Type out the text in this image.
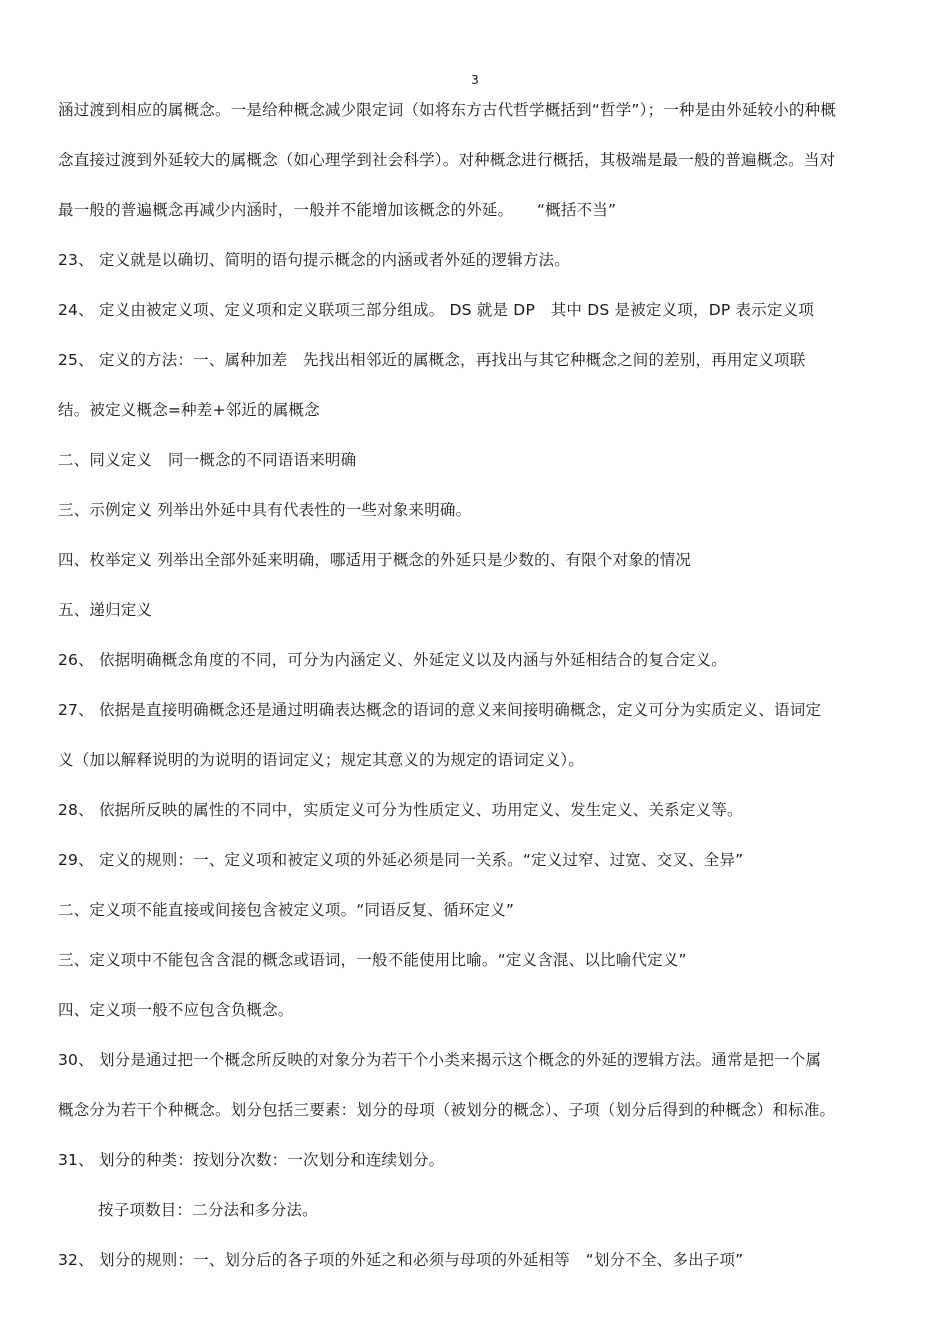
3
涵过渡到相应的属概念。一是给种概念减少限定词（如将东方古代哲学概括到“哲学”）；一种是由外延较小的种概
念直接过渡到外延较大的属概念（如心理学到社会科学）。对种概念进行概括，其极端是最一般的普遍概念。当对
最一般的普遍概念再减少内涵时，一般并不能增加该概念的外延。　　“概括不当”
23、 定义就是以确切、简明的语句提示概念的内涵或者外延的逻辑方法。
24、 定义由被定义项、定义项和定义联项三部分组成。 DS 就是 DP　其中 DS 是被定义项，DP 表示定义项
25、 定义的方法：一、属种加差　先找出相邻近的属概念，再找出与其它种概念之间的差别，再用定义项联
结。被定义概念=种差+邻近的属概念
二、同义定义　同一概念的不同语语来明确
三、示例定义 列举出外延中具有代表性的一些对象来明确。
四、枚举定义 列举出全部外延来明确，哪适用于概念的外延只是少数的、有限个对象的情况
五、递归定义
26、 依据明确概念角度的不同，可分为内涵定义、外延定义以及内涵与外延相结合的复合定义。
27、 依据是直接明确概念还是通过明确表达概念的语词的意义来间接明确概念，定义可分为实质定义、语词定
义（加以解释说明的为说明的语词定义；规定其意义的为规定的语词定义）。
28、 依据所反映的属性的不同中，实质定义可分为性质定义、功用定义、发生定义、关系定义等。
29、 定义的规则：一、定义项和被定义项的外延必须是同一关系。“定义过窄、过宽、交叉、全异”
二、定义项不能直接或间接包含被定义项。“同语反复、循环定义”
三、定义项中不能包含含混的概念或语词，一般不能使用比喻。“定义含混、以比喻代定义”
四、定义项一般不应包含负概念。
30、 划分是通过把一个概念所反映的对象分为若干个小类来揭示这个概念的外延的逻辑方法。通常是把一个属
概念分为若干个种概念。划分包括三要素：划分的母项（被划分的概念）、子项（划分后得到的种概念）和标准。
31、 划分的种类：按划分次数：一次划分和连续划分。
按子项数目：二分法和多分法。
32、 划分的规则：一、划分后的各子项的外延之和必须与母项的外延相等　“划分不全、多出子项”
